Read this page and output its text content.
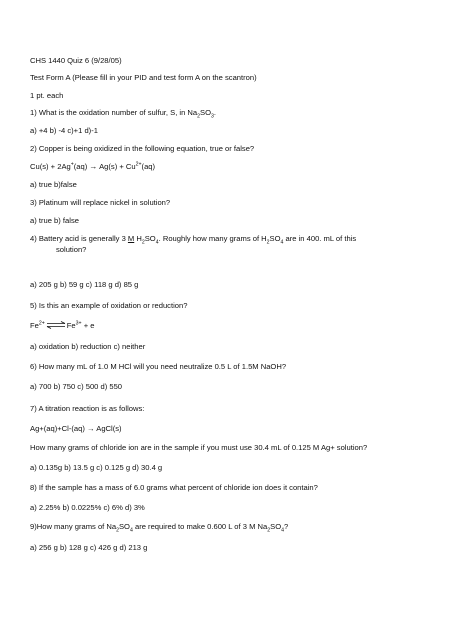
CHS 1440 Quiz 6 (9/28/05)
Test Form A (Please fill in your PID and test form A on the scantron)
1 pt. each
1) What is the oxidation number of sulfur, S, in $Na_2SO_3$.
a) +4 b) -4 c)+1 d)-1
2) Copper is being oxidized in the following equation, true or false?
$Cu(s) + 2Ag^+(aq) \to Ag(s) + Cu^{2+}(aq)$
a) true b)false
3) Platinum will replace nickel in solution?
a) true b) false
4) Battery acid is generally 3 M $H_2SO_4$. Roughly how many grams of $H_2SO_4$ are in 400. mL of this
solution?
a) 205 g b) 59 g c) 118 g d) 85 g
5) Is this an example of oxidation or reduction?
$Fe^{2+}\rightleftharpoons Fe^{3+} + e$
a) oxidation b) reduction c) neither
6) How many mL of 1.0 M HCl will you need neutralize 0.5 L of 1.5M NaOH?
a) 700 b) 750 c) 500 d) 550
7) A titration reaction is as follows:
Ag+(aq)+Cl-(aq) → AgCl(s)
How many grams of chloride ion are in the sample if you must use 30.4 mL of 0.125 M Ag+ solution?
a) 0.135g b) 13.5 g c) 0.125 g d) 30.4 g
8) If the sample has a mass of 6.0 grams what percent of chloride ion does it contain?
a) 2.25% b) 0.0225% c) 6% d) 3%
9)How many grams of $Na_2SO_4$ are required to make 0.600 L of 3 M $Na_2SO_4$?
a) 256 g b) 128 g c) 426 g d) 213 g
